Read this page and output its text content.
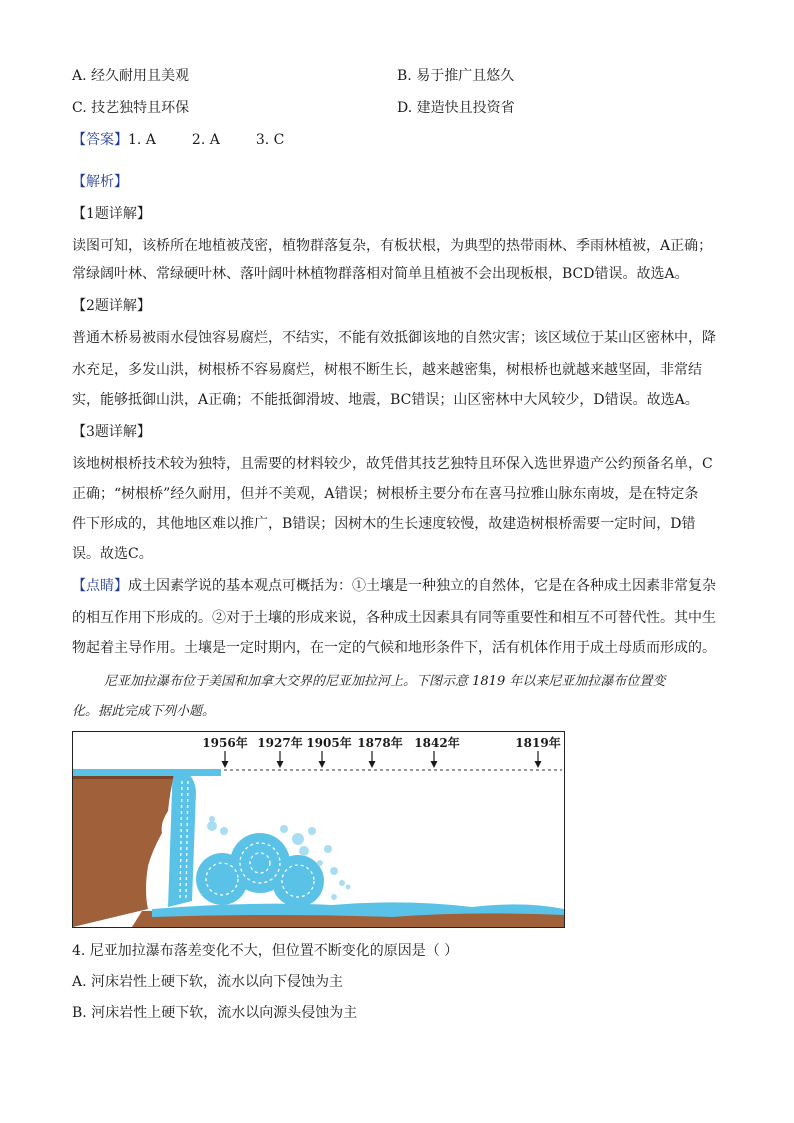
A. 经久耐用且美观	B. 易于推广且悠久
C. 技艺独特且环保	D. 建造快且投资省
【答案】1. A	2. A	3. C
【解析】
【1题详解】
读图可知，该桥所在地植被茂密，植物群落复杂，有板状根，为典型的热带雨林、季雨林植被，A正确；
常绿阔叶林、常绿硬叶林、落叶阔叶林植物群落相对简单且植被不会出现板根，BCD错误。故选A。
【2题详解】
普通木桥易被雨水侵蚀容易腐烂，不结实，不能有效抵御该地的自然灾害；该区域位于某山区密林中，降
水充足，多发山洪，树根桥不容易腐烂，树根不断生长，越来越密集，树根桥也就越来越坚固，非常结
实，能够抵御山洪，A正确；不能抵御滑坡、地震，BC错误；山区密林中大风较少，D错误。故选A。
【3题详解】
该地树根桥技术较为独特，且需要的材料较少，故凭借其技艺独特且环保入选世界遗产公约预备名单，C
正确；“树根桥”经久耐用，但并不美观，A错误；树根桥主要分布在喜马拉雅山脉东南坡，是在特定条
件下形成的，其他地区难以推广，B错误；因树木的生长速度较慢，故建造树根桥需要一定时间，D错
误。故选C。
【点睛】成土因素学说的基本观点可概括为：①土壤是一种独立的自然体，它是在各种成土因素非常复杂
的相互作用下形成的。②对于土壤的形成来说，各种成土因素具有同等重要性和相互不可替代性。其中生
物起着主导作用。土壤是一定时期内，在一定的气候和地形条件下，活有机体作用于成土母质而形成的。
尼亚加拉瀑布位于美国和加拿大交界的尼亚加拉河上。下图示意 1819 年以来尼亚加拉瀑布位置变
化。据此完成下列小题。
1956年 1927年 1905年 1878年 1842年	1819年
4. 尼亚加拉瀑布落差变化不大，但位置不断变化的原因是（ ）
A. 河床岩性上硬下软，流水以向下侵蚀为主
B. 河床岩性上硬下软，流水以向源头侵蚀为主
